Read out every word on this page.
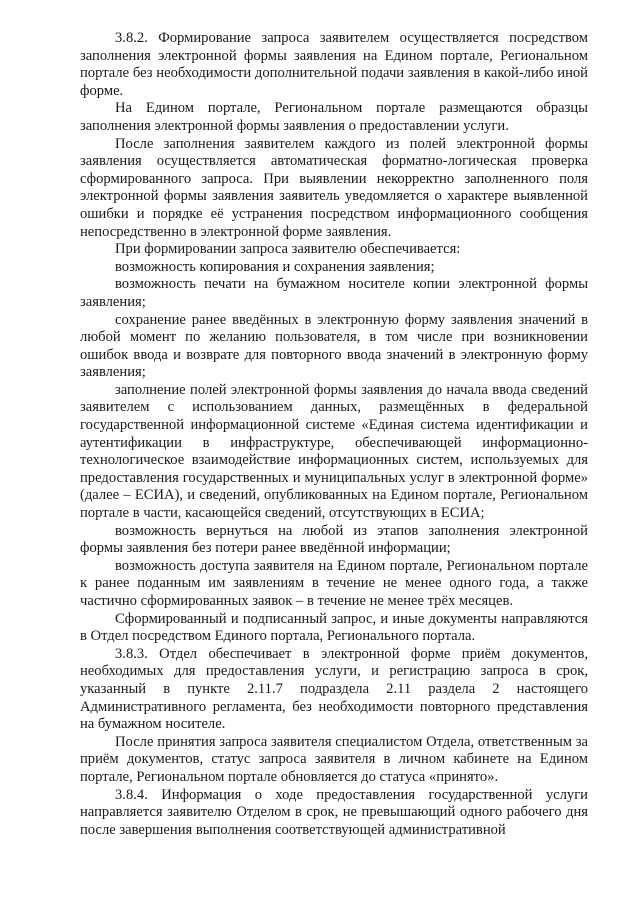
3.8.2. Формирование запроса заявителем осуществляется посредством заполнения электронной формы заявления на Едином портале, Региональном портале без необходимости дополнительной подачи заявления в какой-либо иной форме.

На Едином портале, Региональном портале размещаются образцы заполнения электронной формы заявления о предоставлении услуги.

После заполнения заявителем каждого из полей электронной формы заявления осуществляется автоматическая форматно-логическая проверка сформированного запроса. При выявлении некорректно заполненного поля электронной формы заявления заявитель уведомляется о характере выявленной ошибки и порядке её устранения посредством информационного сообщения непосредственно в электронной форме заявления.

При формировании запроса заявителю обеспечивается:

возможность копирования и сохранения заявления;

возможность печати на бумажном носителе копии электронной формы заявления;

сохранение ранее введённых в электронную форму заявления значений в любой момент по желанию пользователя, в том числе при возникновении ошибок ввода и возврате для повторного ввода значений в электронную форму заявления;

заполнение полей электронной формы заявления до начала ввода сведений заявителем с использованием данных, размещённых в федеральной государственной информационной системе «Единая система идентификации и аутентификации в инфраструктуре, обеспечивающей информационно-технологическое взаимодействие информационных систем, используемых для предоставления государственных и муниципальных услуг в электронной форме» (далее – ЕСИА), и сведений, опубликованных на Едином портале, Региональном портале в части, касающейся сведений, отсутствующих в ЕСИА;

возможность вернуться на любой из этапов заполнения электронной формы заявления без потери ранее введённой информации;

возможность доступа заявителя на Едином портале, Региональном портале к ранее поданным им заявлениям в течение не менее одного года, а также частично сформированных заявок – в течение не менее трёх месяцев.

Сформированный и подписанный запрос, и иные документы направляются в Отдел посредством Единого портала, Регионального портала.

3.8.3. Отдел обеспечивает в электронной форме приём документов, необходимых для предоставления услуги, и регистрацию запроса в срок, указанный в пункте 2.11.7 подраздела 2.11 раздела 2 настоящего Административного регламента, без необходимости повторного представления на бумажном носителе.

После принятия запроса заявителя специалистом Отдела, ответственным за приём документов, статус запроса заявителя в личном кабинете на Едином портале, Региональном портале обновляется до статуса «принято».

3.8.4. Информация о ходе предоставления государственной услуги направляется заявителю Отделом в срок, не превышающий одного рабочего дня после завершения выполнения соответствующей административной
